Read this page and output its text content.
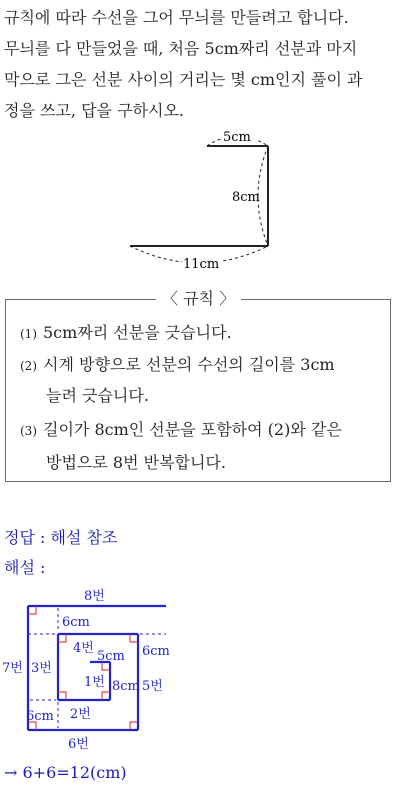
규칙에 따라 수선을 그어 무늬를 만들려고 합니다.
무늬를 다 만들었을 때, 처음 5cm짜리 선분과 마지
막으로 그은 선분 사이의 거리는 몇 cm인지 풀이 과
정을 쓰고, 답을 구하시오.
5cm
8cm
11cm
〈 규칙 〉
(1) 5cm짜리 선분을 긋습니다.
(2) 시계 방향으로 선분의 수선의 길이를 3cm
늘려 긋습니다.
(3) 길이가 8cm인 선분을 포함하여 (2)와 같은
방법으로 8번 반복합니다.
정답 : 해설 참조
해설 :
8번
7번 3번
6번
2번
4번
5번
1번
6cm
6cm
6cm
5cm
8cm
→ 6+6=12(cm)
